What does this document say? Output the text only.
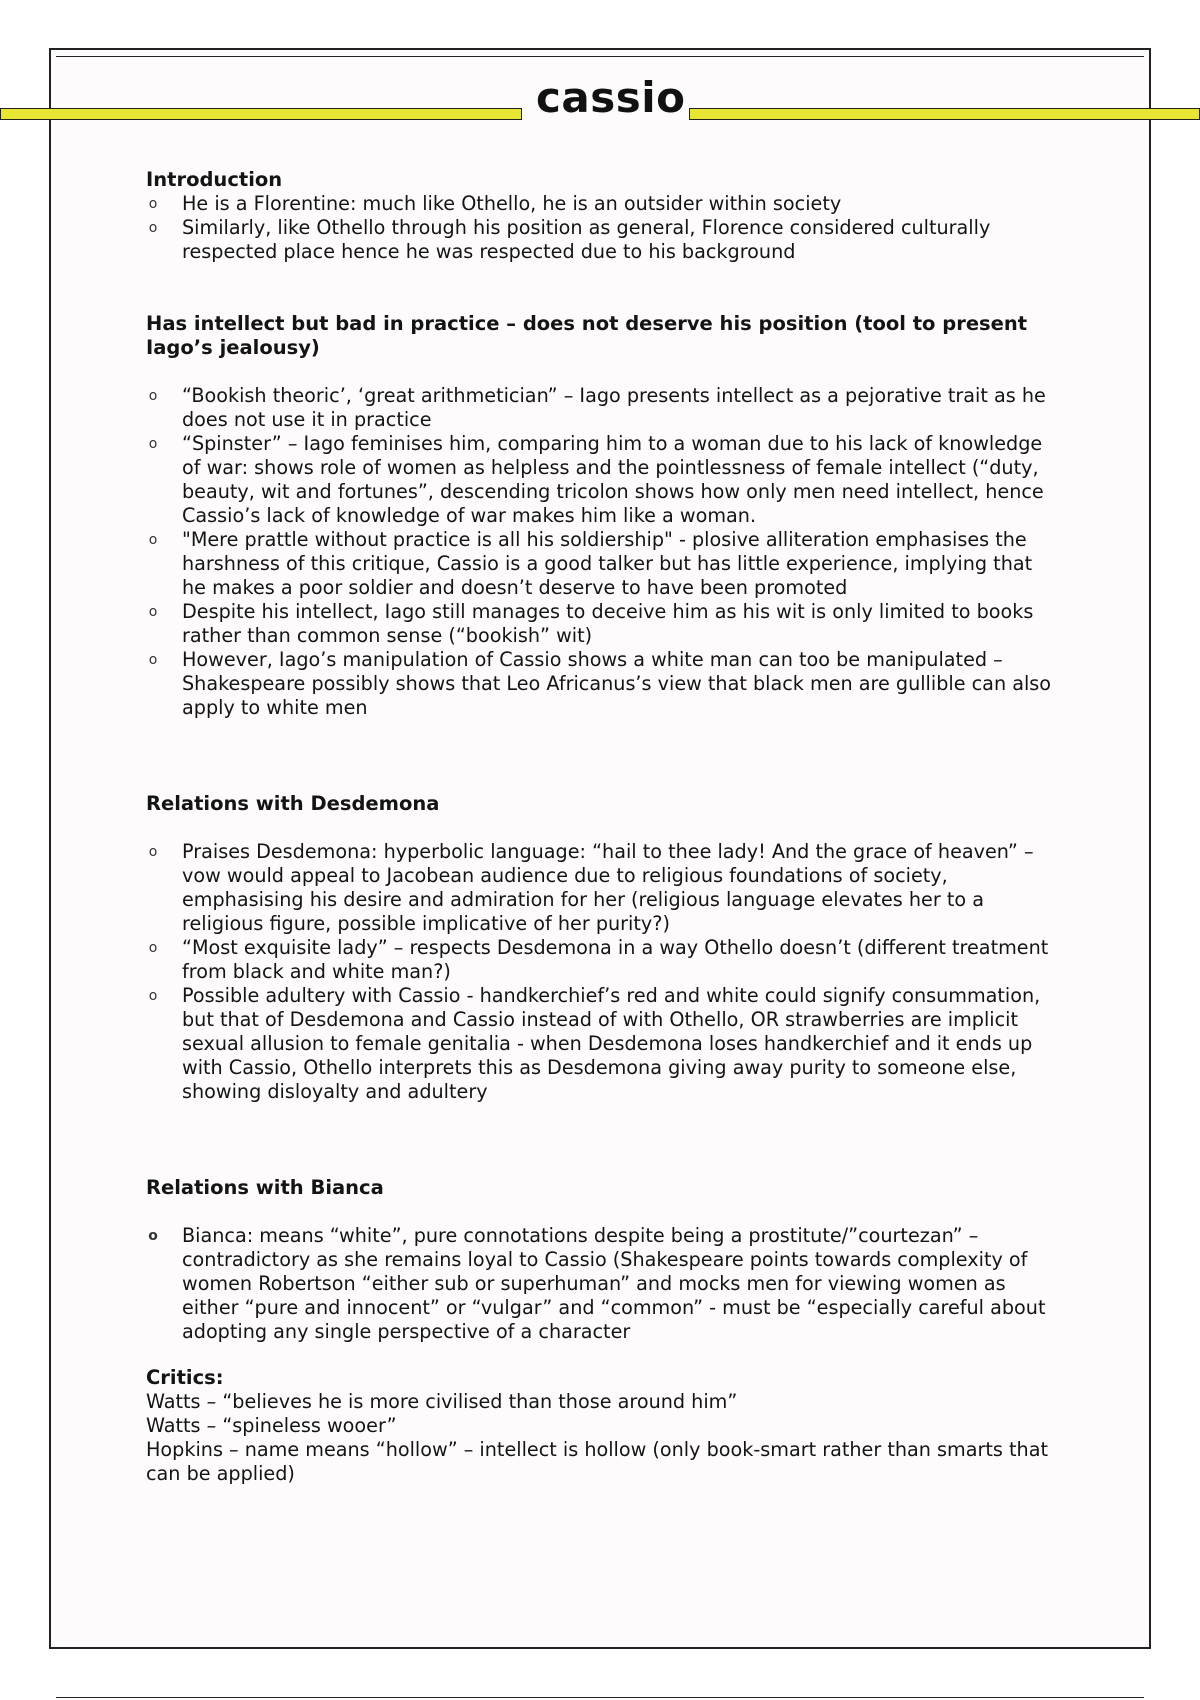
cassio

Introduction

o He is a Florentine: much like Othello, he is an outsider within society
o Similarly, like Othello through his position as general, Florence considered culturally respected place hence he was respected due to his background

Has intellect but bad in practice – does not deserve his position (tool to present Iago’s jealousy)

o “Bookish theoric’, ‘great arithmetician” – Iago presents intellect as a pejorative trait as he does not use it in practice
o “Spinster” – Iago feminises him, comparing him to a woman due to his lack of knowledge of war: shows role of women as helpless and the pointlessness of female intellect (“duty, beauty, wit and fortunes”, descending tricolon shows how only men need intellect, hence Cassio’s lack of knowledge of war makes him like a woman.
o "Mere prattle without practice is all his soldiership" - plosive alliteration emphasises the harshness of this critique, Cassio is a good talker but has little experience, implying that he makes a poor soldier and doesn’t deserve to have been promoted
o Despite his intellect, Iago still manages to deceive him as his wit is only limited to books rather than common sense (“bookish” wit)
o However, Iago’s manipulation of Cassio shows a white man can too be manipulated – Shakespeare possibly shows that Leo Africanus’s view that black men are gullible can also apply to white men

Relations with Desdemona

o Praises Desdemona: hyperbolic language: “hail to thee lady! And the grace of heaven” – vow would appeal to Jacobean audience due to religious foundations of society, emphasising his desire and admiration for her (religious language elevates her to a religious figure, possible implicative of her purity?)
o “Most exquisite lady” – respects Desdemona in a way Othello doesn’t (different treatment from black and white man?)
o Possible adultery with Cassio - handkerchief’s red and white could signify consummation, but that of Desdemona and Cassio instead of with Othello, OR strawberries are implicit sexual allusion to female genitalia - when Desdemona loses handkerchief and it ends up with Cassio, Othello interprets this as Desdemona giving away purity to someone else, showing disloyalty and adultery

Relations with Bianca

o Bianca: means “white”, pure connotations despite being a prostitute/”courtezan” – contradictory as she remains loyal to Cassio (Shakespeare points towards complexity of women Robertson “either sub or superhuman” and mocks men for viewing women as either “pure and innocent” or “vulgar” and “common” - must be “especially careful about adopting any single perspective of a character

Critics:

Watts – “believes he is more civilised than those around him”

Watts – “spineless wooer”

Hopkins – name means “hollow” – intellect is hollow (only book-smart rather than smarts that can be applied)
